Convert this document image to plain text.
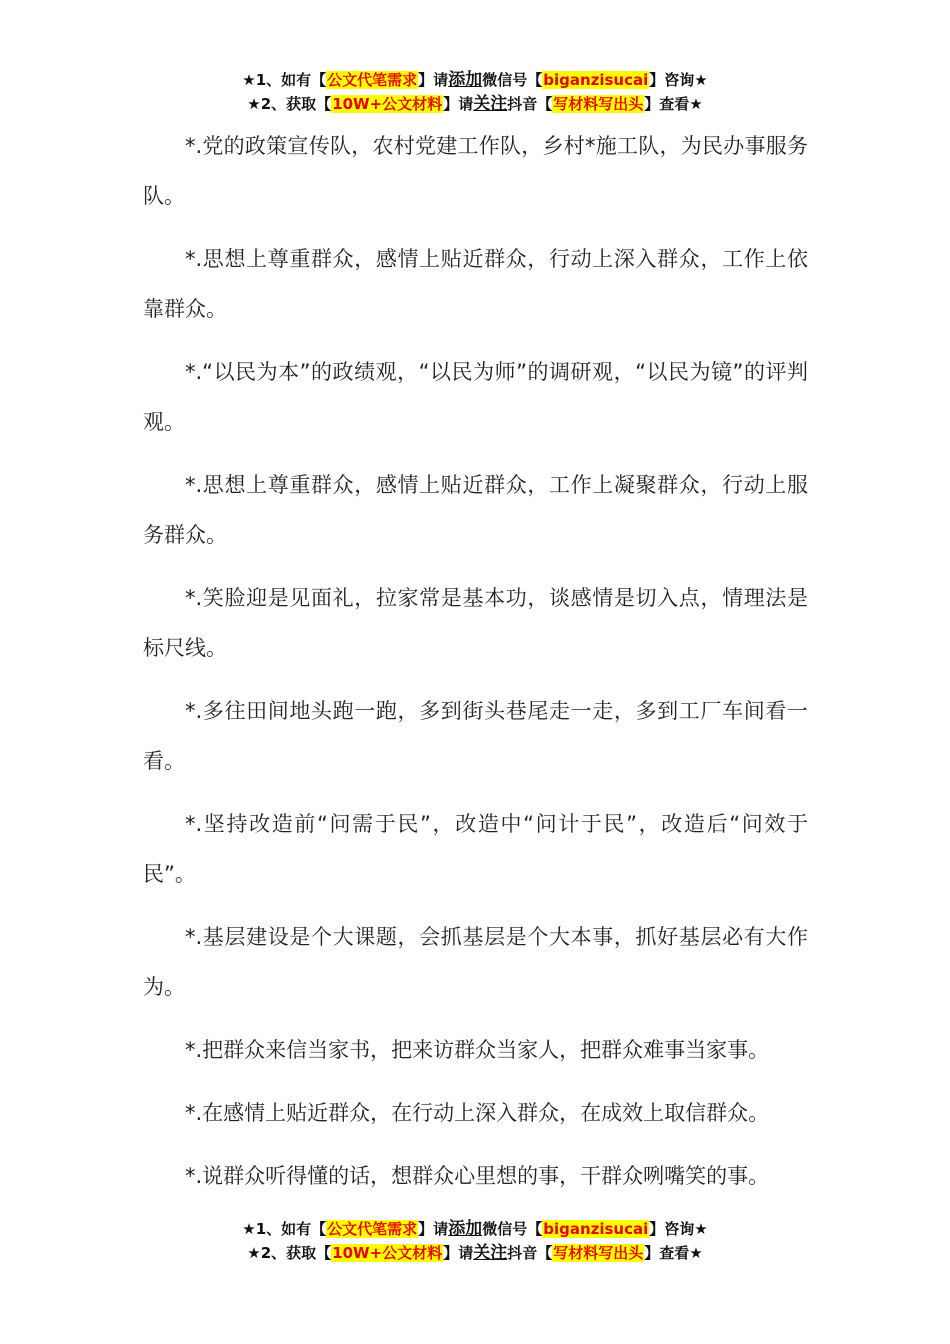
★1、如有【公文代笔需求】请添加微信号【biganzisucai】咨询★
★2、获取【10W+公文材料】请关注抖音【写材料写出头】查看★

*.党的政策宣传队，农村党建工作队，乡村*施工队，为民办事服务队。

*.思想上尊重群众，感情上贴近群众，行动上深入群众，工作上依靠群众。

*.“以民为本”的政绩观，“以民为师”的调研观，“以民为镜”的评判观。

*.思想上尊重群众，感情上贴近群众，工作上凝聚群众，行动上服务群众。

*.笑脸迎是见面礼，拉家常是基本功，谈感情是切入点，情理法是标尺线。

*.多往田间地头跑一跑，多到街头巷尾走一走，多到工厂车间看一看。

*.坚持改造前“问需于民”，改造中“问计于民”，改造后“问效于民”。

*.基层建设是个大课题，会抓基层是个大本事，抓好基层必有大作为。

*.把群众来信当家书，把来访群众当家人，把群众难事当家事。

*.在感情上贴近群众，在行动上深入群众，在成效上取信群众。

*.说群众听得懂的话，想群众心里想的事，干群众咧嘴笑的事。

★1、如有【公文代笔需求】请添加微信号【biganzisucai】咨询★
★2、获取【10W+公文材料】请关注抖音【写材料写出头】查看★
